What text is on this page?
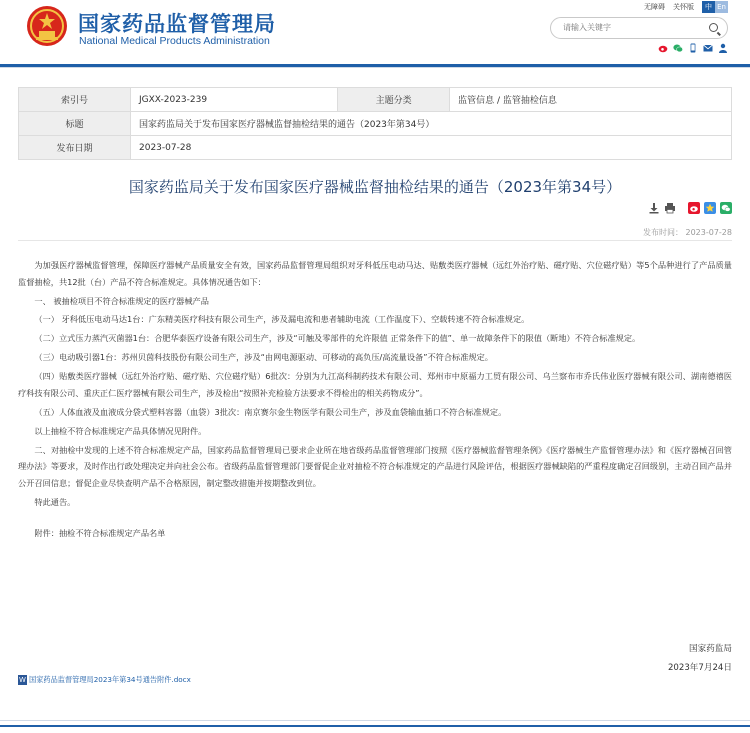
国家药品监督管理局
National Medical Products Administration
无障碍 关怀版	中 En
请输入关键字
索引号	JGXX-2023-239	主题分类	监管信息 / 监管抽检信息
标题	国家药监局关于发布国家医疗器械监督抽检结果的通告（2023年第34号）		
发布日期	2023-07-28		
国家药监局关于发布国家医疗器械监督抽检结果的通告（2023年第34号）
发布时间： 2023-07-28

为加强医疗器械监督管理，保障医疗器械产品质量安全有效，国家药品监督管理局组织对牙科低压电动马达、贴敷类医疗器械（远红外治疗贴、磁疗贴、穴位磁疗贴）等5个品种进行了产品质量监督抽检，共12批（台）产品不符合标准规定。具体情况通告如下：

一、 被抽检项目不符合标准规定的医疗器械产品

（一） 牙科低压电动马达1台：广东精美医疗科技有限公司生产，涉及漏电流和患者辅助电流（工作温度下）、空载转速不符合标准规定。

（二）立式压力蒸汽灭菌器1台：合肥华泰医疗设备有限公司生产，涉及“可触及零部件的允许限值 正常条件下的值”、单一故障条件下的限值（断地）不符合标准规定。

（三）电动吸引器1台：苏州贝茵科技股份有限公司生产，涉及“由网电源驱动、可移动的高负压/高流量设备”不符合标准规定。

（四）贴敷类医疗器械（远红外治疗贴、磁疗贴、穴位磁疗贴）6批次：分别为九江高科制药技术有限公司、郑州市中原福力工贸有限公司、乌兰察布市乔氏伟业医疗器械有限公司、湖南德禧医疗科技有限公司、重庆正仁医疗器械有限公司生产，涉及检出“按照补充检验方法要求不得检出的相关药物成分”。

（五）人体血液及血液成分袋式塑料容器（血袋）3批次：南京赛尔金生物医学有限公司生产，涉及血袋输血插口不符合标准规定。

以上抽检不符合标准规定产品具体情况见附件。

二、对抽检中发现的上述不符合标准规定产品，国家药品监督管理局已要求企业所在地省级药品监督管理部门按照《医疗器械监督管理条例》《医疗器械生产监督管理办法》和《医疗器械召回管理办法》等要求，及时作出行政处理决定并向社会公布。省级药品监督管理部门要督促企业对抽检不符合标准规定的产品进行风险评估，根据医疗器械缺陷的严重程度确定召回级别，主动召回产品并公开召回信息；督促企业尽快查明产品不合格原因，制定整改措施并按期整改到位。

特此通告。

附件：抽检不符合标准规定产品名单

国家药监局
2023年7月24日
W
国家药品监督管理局2023年第34号通告附件.docx
